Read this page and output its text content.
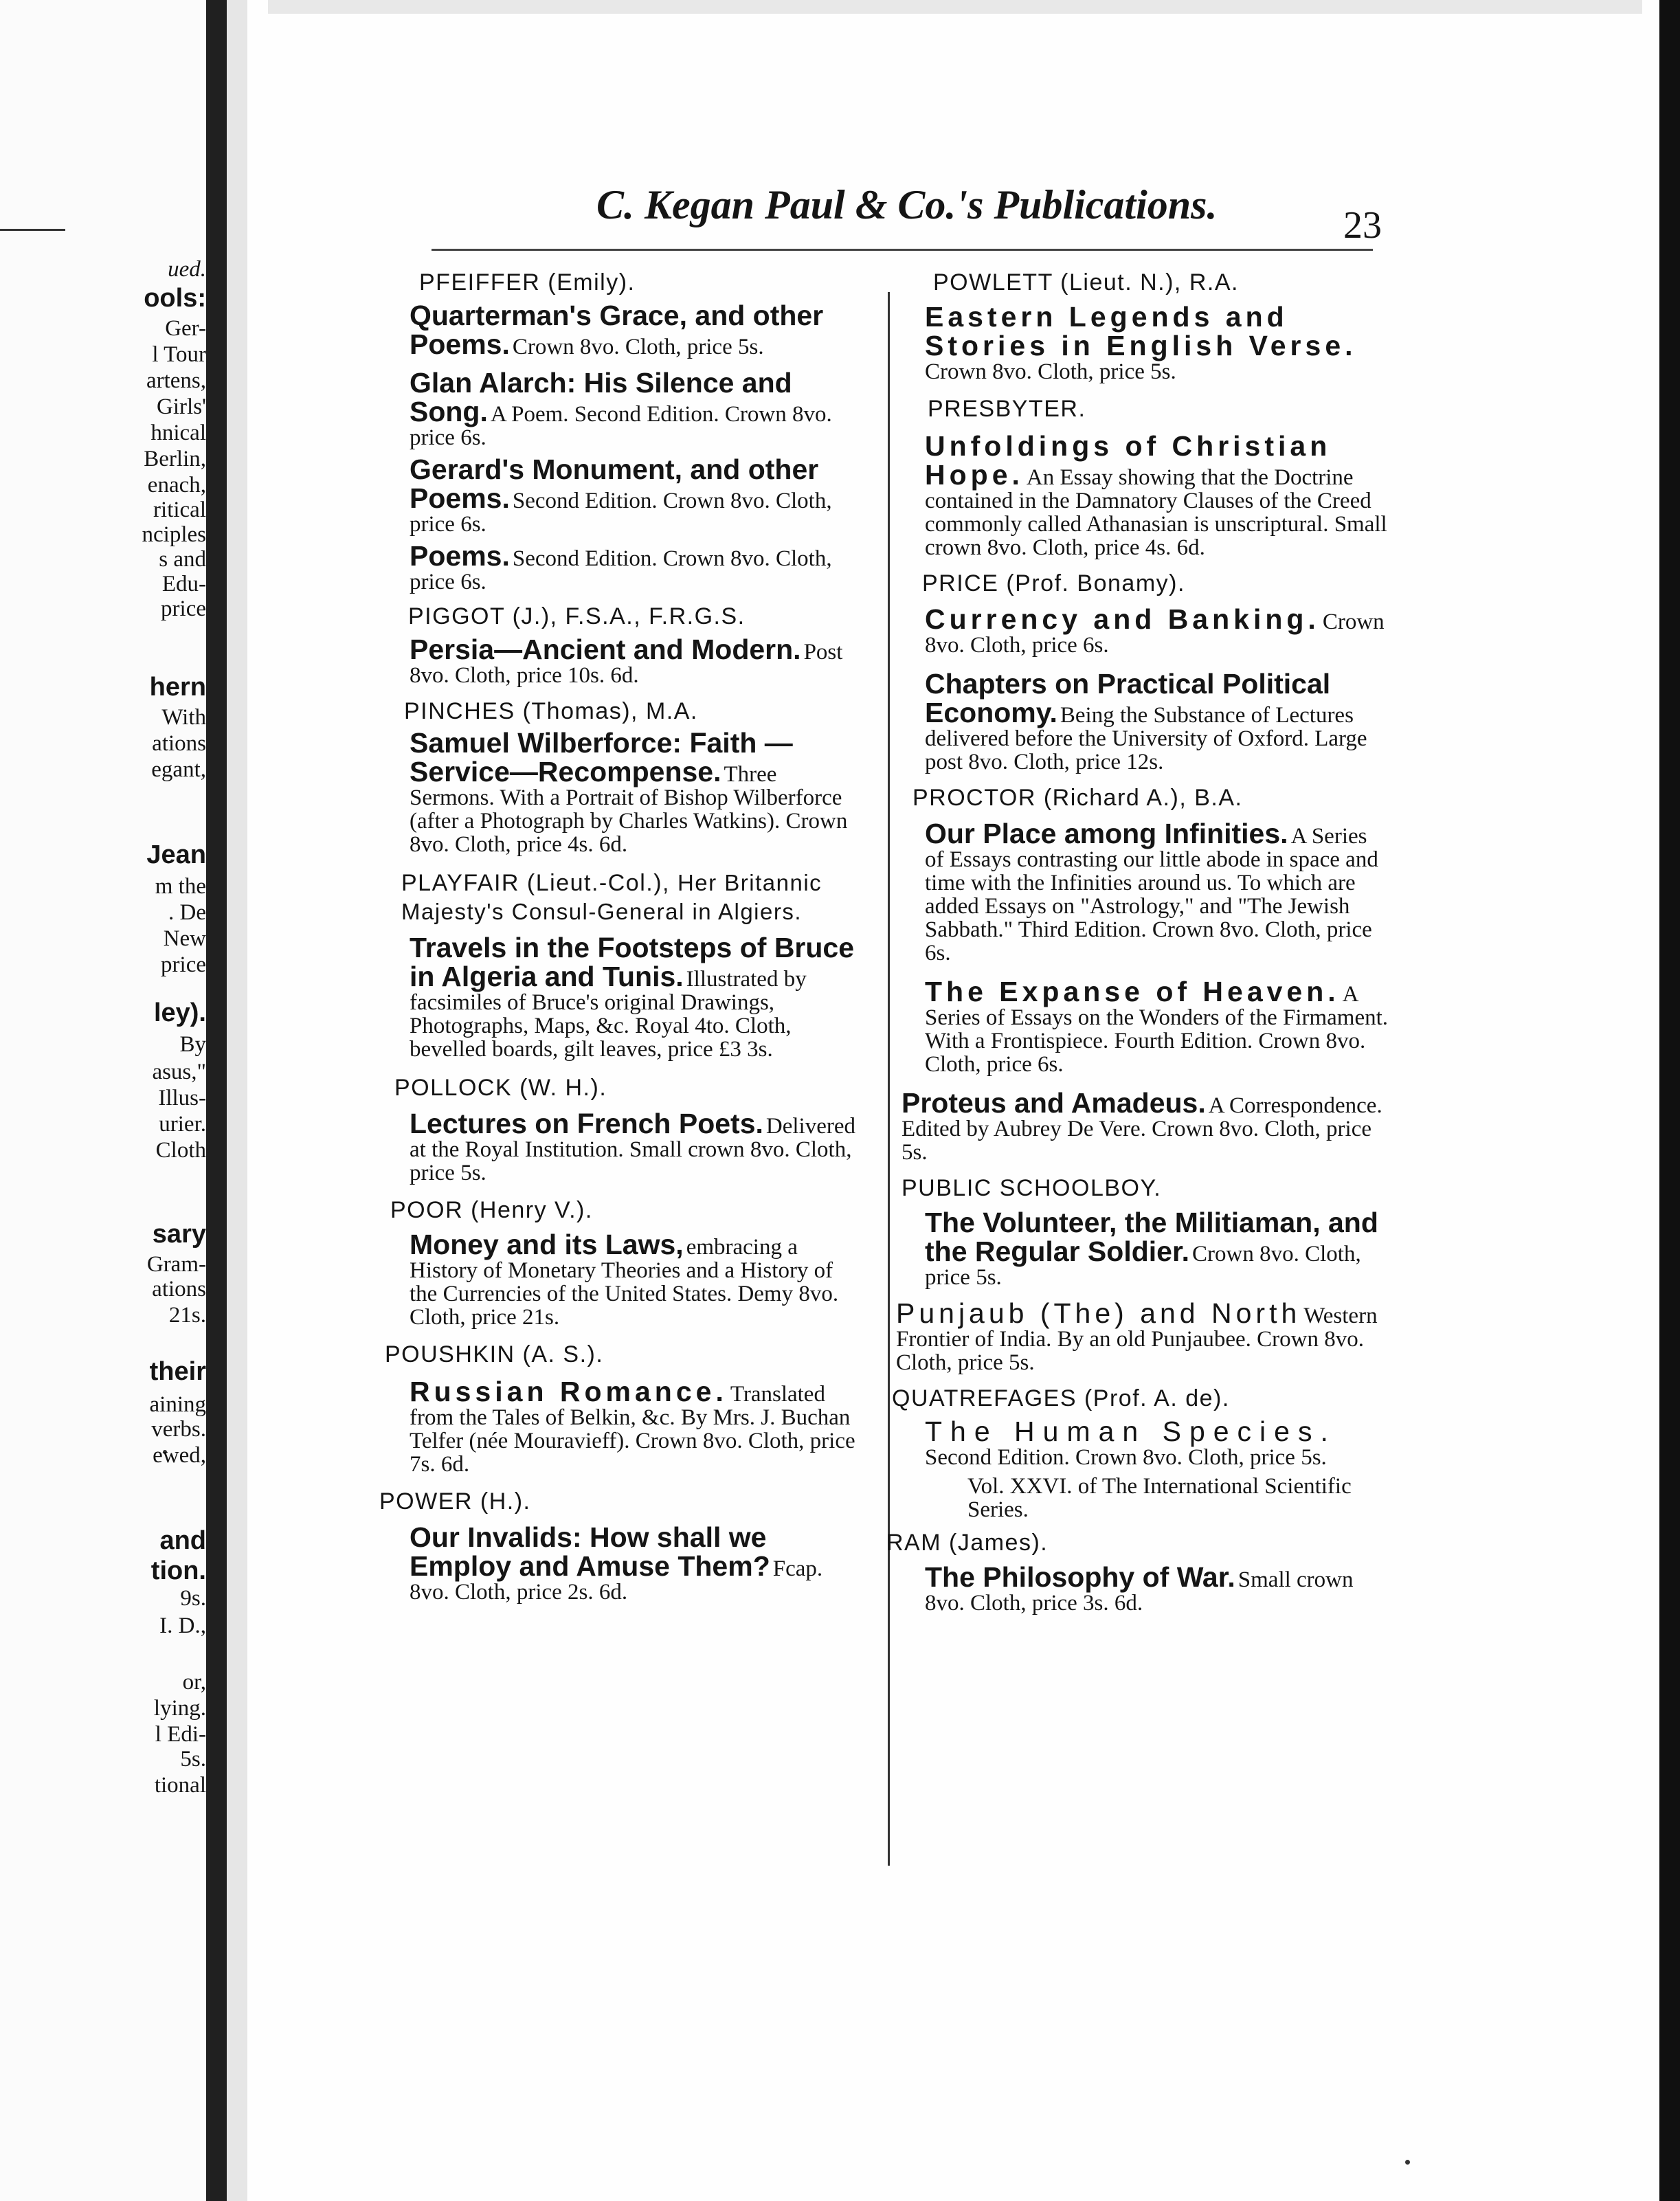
ued.

ools:

Ger-

l Tour

artens,

Girls'

hnical

Berlin,

enach,

ritical

nciples

s and

Edu-

price

hern

With

ations

egant,

Jean

m the

. De

New

price

ley).

By

asus,"

Illus-

urier.

Cloth

sary

Gram-

ations

21s.

their

aining

verbs.

ewed,

and

tion.

9s.

I. D.,

or,

lying.

l Edi-

5s.

tional

C. Kegan Paul & Co.'s Publications.	23

PFEIFFER (Emily).

Quarterman's Grace, and other Poems. Crown 8vo. Cloth, price 5s.
Glan Alarch: His Silence and Song. A Poem. Second Edition. Crown 8vo. price 6s.
Gerard's Monument, and other Poems. Second Edition. Crown 8vo. Cloth, price 6s.
Poems. Second Edition. Crown 8vo. Cloth, price 6s.

PIGGOT (J.), F.S.A., F.R.G.S.

Persia—Ancient and Modern. Post 8vo. Cloth, price 10s. 6d.

PINCHES (Thomas), M.A.

Samuel Wilberforce: Faith —Service—Recompense. Three Sermons. With a Portrait of Bishop Wilberforce (after a Photograph by Charles Watkins). Crown 8vo. Cloth, price 4s. 6d.

PLAYFAIR (Lieut.-Col.), Her Britannic Majesty's Consul-General in Algiers.

Travels in the Footsteps of Bruce in Algeria and Tunis. Illustrated by facsimiles of Bruce's original Drawings, Photographs, Maps, &c. Royal 4to. Cloth, bevelled boards, gilt leaves, price £3 3s.

POLLOCK (W. H.).

Lectures on French Poets. Delivered at the Royal Institution. Small crown 8vo. Cloth, price 5s.

POOR (Henry V.).

Money and its Laws, embracing a History of Monetary Theories and a History of the Currencies of the United States. Demy 8vo. Cloth, price 21s.

POUSHKIN (A. S.).

Russian Romance. Translated from the Tales of Belkin, &c. By Mrs. J. Buchan Telfer (née Mouravieff). Crown 8vo. Cloth, price 7s. 6d.

POWER (H.).

Our Invalids: How shall we Employ and Amuse Them? Fcap. 8vo. Cloth, price 2s. 6d.

POWLETT (Lieut. N.), R.A.

Eastern Legends and Stories in English Verse. Crown 8vo. Cloth, price 5s.

PRESBYTER.

Unfoldings of Christian Hope. An Essay showing that the Doctrine contained in the Damnatory Clauses of the Creed commonly called Athanasian is unscriptural. Small crown 8vo. Cloth, price 4s. 6d.

PRICE (Prof. Bonamy).

Currency and Banking. Crown 8vo. Cloth, price 6s.
Chapters on Practical Political Economy. Being the Substance of Lectures delivered before the University of Oxford. Large post 8vo. Cloth, price 12s.

PROCTOR (Richard A.), B.A.

Our Place among Infinities. A Series of Essays contrasting our little abode in space and time with the Infinities around us. To which are added Essays on "Astrology," and "The Jewish Sabbath." Third Edition. Crown 8vo. Cloth, price 6s.
The Expanse of Heaven. A Series of Essays on the Wonders of the Firmament. With a Frontispiece. Fourth Edition. Crown 8vo. Cloth, price 6s.
Proteus and Amadeus. A Correspondence. Edited by Aubrey De Vere. Crown 8vo. Cloth, price 5s.

PUBLIC SCHOOLBOY.

The Volunteer, the Militiaman, and the Regular Soldier. Crown 8vo. Cloth, price 5s.
Punjaub (The) and North Western Frontier of India. By an old Punjaubee. Crown 8vo. Cloth, price 5s.

QUATREFAGES (Prof. A. de).

The Human Species. Second Edition. Crown 8vo. Cloth, price 5s.

Vol. XXVI. of The International Scientific Series.

RAM (James).

The Philosophy of War. Small crown 8vo. Cloth, price 3s. 6d.
